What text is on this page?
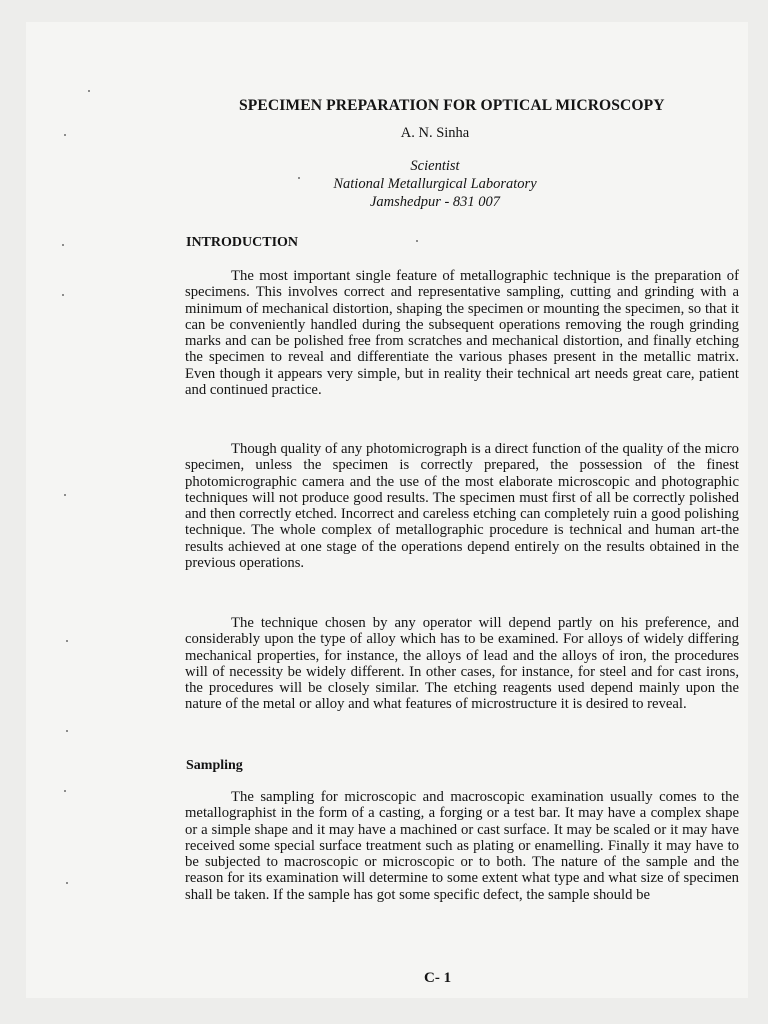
SPECIMEN PREPARATION FOR OPTICAL MICROSCOPY
A. N. Sinha
Scientist
National Metallurgical Laboratory
Jamshedpur - 831 007
INTRODUCTION

The most important single feature of metallographic technique is the preparation of specimens. This involves correct and representative sampling, cutting and grinding with a minimum of mechanical distortion, shaping the specimen or mounting the specimen, so that it can be conveniently handled during the subsequent operations removing the rough grinding marks and can be polished free from scratches and mechanical distortion, and finally etching the specimen to reveal and differentiate the various phases present in the metallic matrix. Even though it appears very simple, but in reality their technical art needs great care, patient and continued practice.

Though quality of any photomicrograph is a direct function of the quality of the micro specimen, unless the specimen is correctly prepared, the possession of the finest photomicrographic camera and the use of the most elaborate microscopic and photographic techniques will not produce good results. The specimen must first of all be correctly polished and then correctly etched. Incorrect and careless etching can completely ruin a good polishing technique. The whole complex of metallographic procedure is technical and human art-the results achieved at one stage of the operations depend entirely on the results obtained in the previous operations.

The technique chosen by any operator will depend partly on his preference, and considerably upon the type of alloy which has to be examined. For alloys of widely differing mechanical properties, for instance, the alloys of lead and the alloys of iron, the procedures will of necessity be widely different. In other cases, for instance, for steel and for cast irons, the procedures will be closely similar. The etching reagents used depend mainly upon the nature of the metal or alloy and what features of microstructure it is desired to reveal.

Sampling

The sampling for microscopic and macroscopic examination usually comes to the metallographist in the form of a casting, a forging or a test bar. It may have a complex shape or a simple shape and it may have a machined or cast surface. It may be scaled or it may have received some special surface treatment such as plating or enamelling. Finally it may have to be subjected to macroscopic or microscopic or to both. The nature of the sample and the reason for its examination will determine to some extent what type and what size of specimen shall be taken. If the sample has got some specific defect, the sample should be

C- 1
